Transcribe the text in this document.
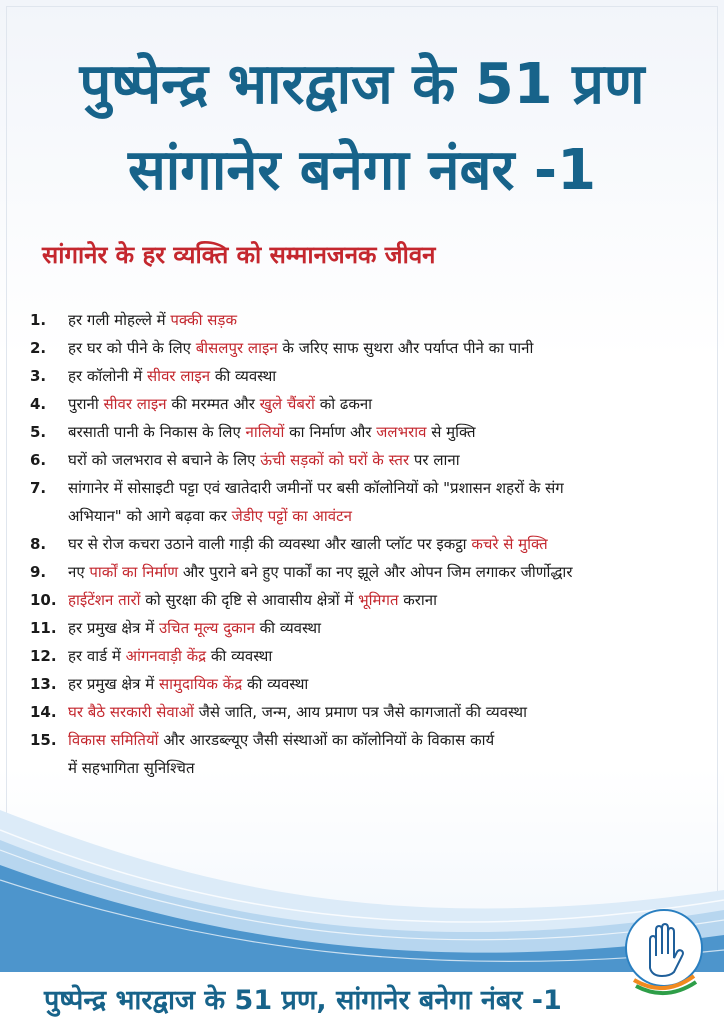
पुष्पेन्द्र भारद्वाज के 51 प्रण
सांगानेर बनेगा नंबर -1
सांगानेर के हर व्यक्ति को सम्मानजनक जीवन
1.	हर गली मोहल्ले में पक्की सड़क
2.	हर घर को पीने के लिए बीसलपुर लाइन के जरिए साफ सुथरा और पर्याप्त पीने का पानी
3.	हर कॉलोनी में सीवर लाइन की व्यवस्था
4.	पुरानी सीवर लाइन की मरम्मत और खुले चैंबरों को ढकना
5.	बरसाती पानी के निकास के लिए नालियों का निर्माण और जलभराव से मुक्ति
6.	घरों को जलभराव से बचाने के लिए ऊंची सड़कों को घरों के स्तर पर लाना
7.	सांगानेर में सोसाइटी पट्टा एवं खातेदारी जमीनों पर बसी कॉलोनियों को "प्रशासन शहरों के संग
अभियान" को आगे बढ़वा कर जेडीए पट्टों का आवंटन
8.	घर से रोज कचरा उठाने वाली गाड़ी की व्यवस्था और खाली प्लॉट पर इकट्ठा कचरे से मुक्ति
9.	नए पार्कों का निर्माण और पुराने बने हुए पार्कों का नए झूले और ओपन जिम लगाकर जीर्णोद्धार
10. हाईटेंशन तारों को सुरक्षा की दृष्टि से आवासीय क्षेत्रों में भूमिगत कराना
11. हर प्रमुख क्षेत्र में उचित मूल्य दुकान की व्यवस्था
12. हर वार्ड में आंगनवाड़ी केंद्र की व्यवस्था
13. हर प्रमुख क्षेत्र में सामुदायिक केंद्र की व्यवस्था
14. घर बैठे सरकारी सेवाओं जैसे जाति, जन्म, आय प्रमाण पत्र जैसे कागजातों की व्यवस्था
15. विकास समितियों और आरडब्ल्यूए जैसी संस्थाओं का कॉलोनियों के विकास कार्य
में सहभागिता सुनिश्चित
पुष्पेन्द्र भारद्वाज के 51 प्रण, सांगानेर बनेगा नंबर -1
